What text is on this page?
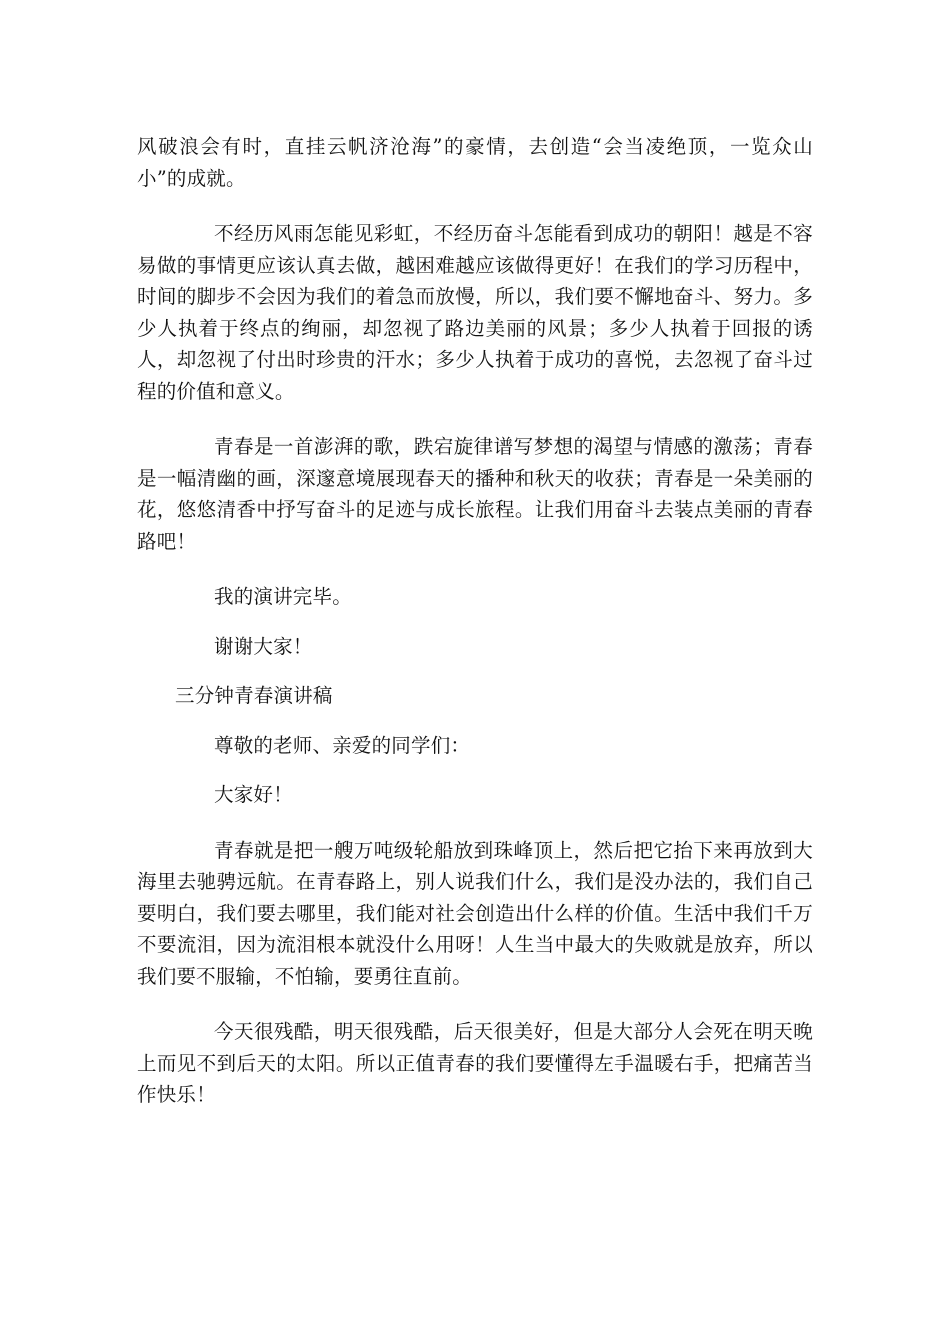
风破浪会有时，直挂云帆济沧海”的豪情，去创造“会当凌绝顶，一览众山小”的成就。

不经历风雨怎能见彩虹，不经历奋斗怎能看到成功的朝阳！越是不容易做的事情更应该认真去做，越困难越应该做得更好！在我们的学习历程中，时间的脚步不会因为我们的着急而放慢，所以，我们要不懈地奋斗、努力。多少人执着于终点的绚丽，却忽视了路边美丽的风景；多少人执着于回报的诱人，却忽视了付出时珍贵的汗水；多少人执着于成功的喜悦，去忽视了奋斗过程的价值和意义。

青春是一首澎湃的歌，跌宕旋律谱写梦想的渴望与情感的激荡；青春是一幅清幽的画，深邃意境展现春天的播种和秋天的收获；青春是一朵美丽的花，悠悠清香中抒写奋斗的足迹与成长旅程。让我们用奋斗去装点美丽的青春路吧！

我的演讲完毕。

谢谢大家！

三分钟青春演讲稿

尊敬的老师、亲爱的同学们：

大家好！

青春就是把一艘万吨级轮船放到珠峰顶上，然后把它抬下来再放到大海里去驰骋远航。在青春路上，别人说我们什么，我们是没办法的，我们自己要明白，我们要去哪里，我们能对社会创造出什么样的价值。生活中我们千万不要流泪，因为流泪根本就没什么用呀！人生当中最大的失败就是放弃，所以我们要不服输，不怕输，要勇往直前。

今天很残酷，明天很残酷，后天很美好，但是大部分人会死在明天晚上而见不到后天的太阳。所以正值青春的我们要懂得左手温暖右手，把痛苦当作快乐！
